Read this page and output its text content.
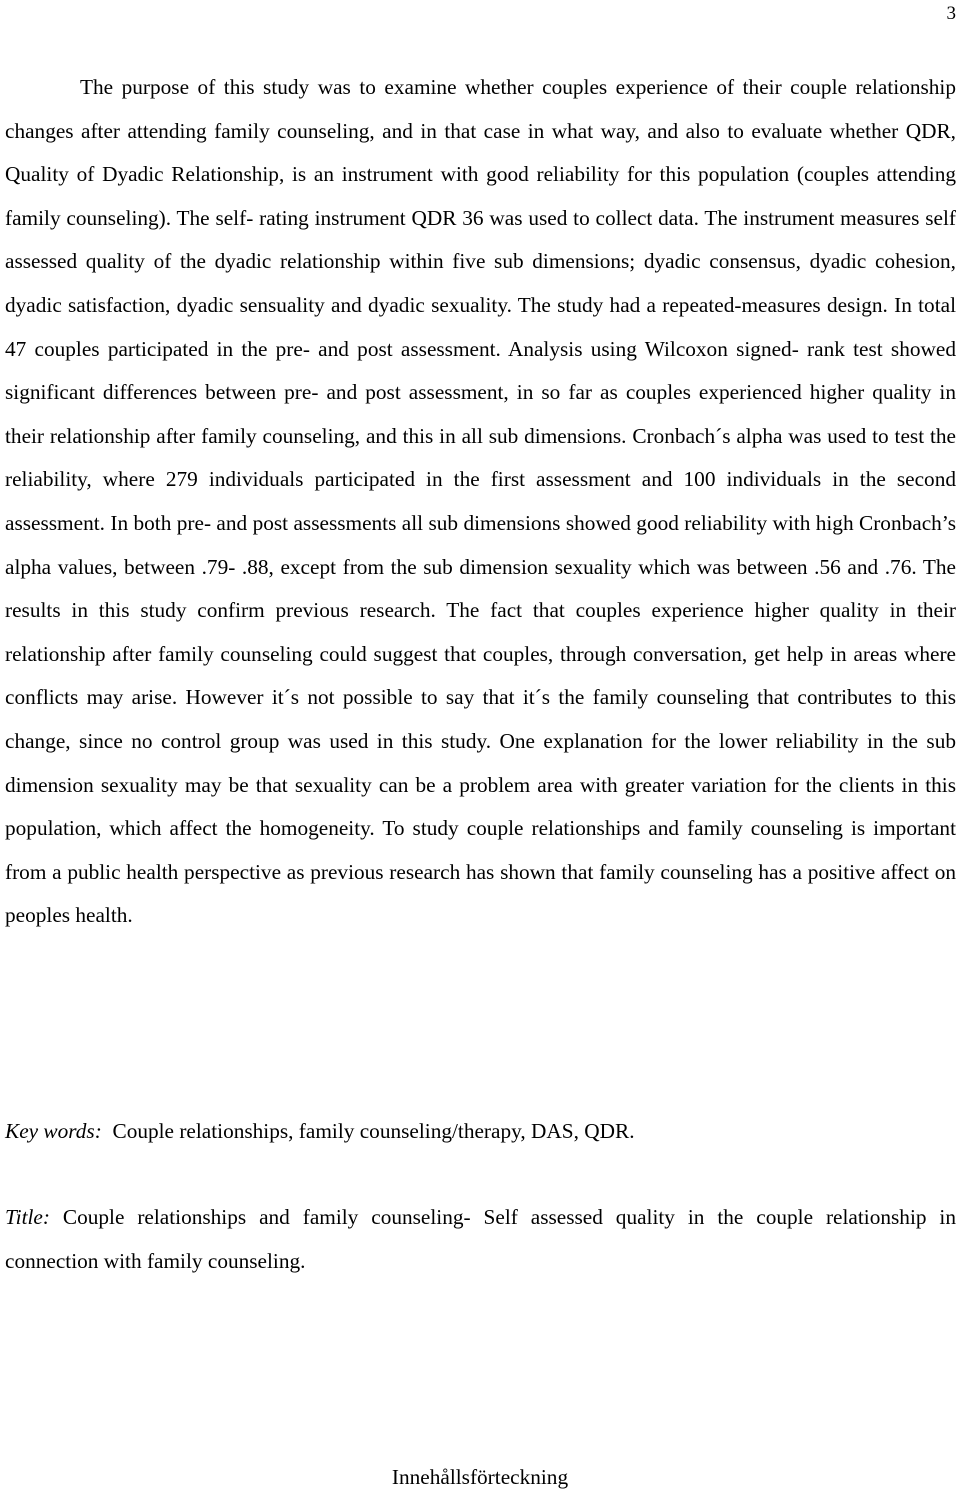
3

The purpose of this study was to examine whether couples experience of their couple relationship changes after attending family counseling, and in that case in what way, and also to evaluate whether QDR, Quality of Dyadic Relationship, is an instrument with good reliability for this population (couples attending family counseling). The self- rating instrument QDR 36 was used to collect data. The instrument measures self assessed quality of the dyadic relationship within five sub dimensions; dyadic consensus, dyadic cohesion, dyadic satisfaction, dyadic sensuality and dyadic sexuality. The study had a repeated-measures design. In total 47 couples participated in the pre- and post assessment. Analysis using Wilcoxon signed- rank test showed significant differences between pre- and post assessment, in so far as couples experienced higher quality in their relationship after family counseling, and this in all sub dimensions. Cronbach´s alpha was used to test the reliability, where 279 individuals participated in the first assessment and 100 individuals in the second assessment. In both pre- and post assessments all sub dimensions showed good reliability with high Cronbach’s alpha values, between .79- .88, except from the sub dimension sexuality which was between .56 and .76. The results in this study confirm previous research. The fact that couples experience higher quality in their relationship after family counseling could suggest that couples, through conversation, get help in areas where conflicts may arise. However it´s not possible to say that it´s the family counseling that contributes to this change, since no control group was used in this study. One explanation for the lower reliability in the sub dimension sexuality may be that sexuality can be a problem area with greater variation for the clients in this population, which affect the homogeneity. To study couple relationships and family counseling is important from a public health perspective as previous research has shown that family counseling has a positive affect on peoples health.

Key words: Couple relationships, family counseling/therapy, DAS, QDR.

Title: Couple relationships and family counseling- Self assessed quality in the couple relationship in connection with family counseling.

Innehållsförteckning
